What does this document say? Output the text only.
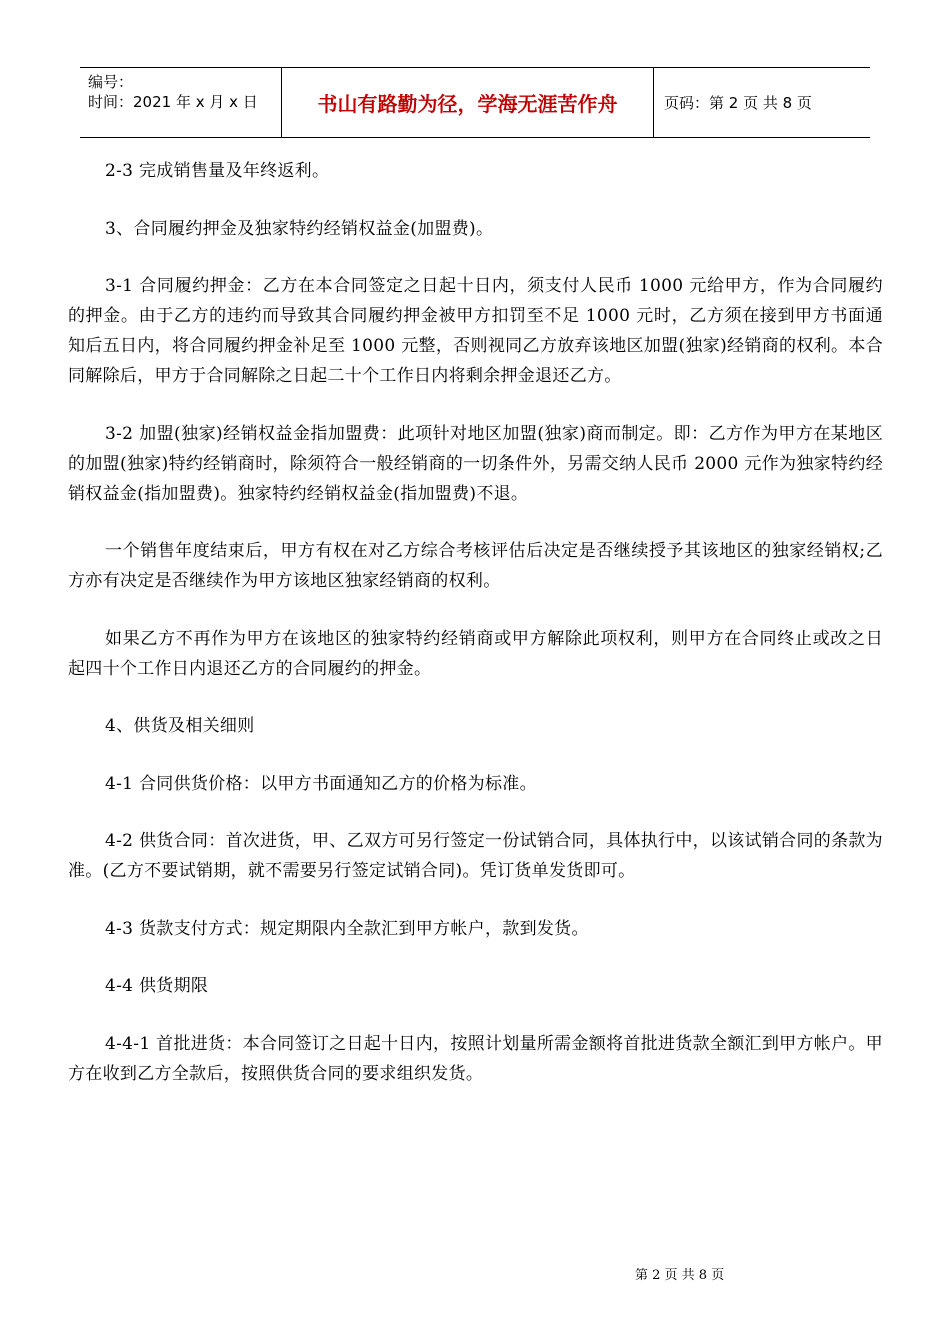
编号：
时间：2021 年 x 月 x 日	书山有路勤为径，学海无涯苦作舟	页码：第 2 页 共 8 页

2-3 完成销售量及年终返利。

3、合同履约押金及独家特约经销权益金(加盟费)。

3-1 合同履约押金：乙方在本合同签定之日起十日内，须支付人民币 1000 元给甲方，作为合同履约的押金。由于乙方的违约而导致其合同履约押金被甲方扣罚至不足 1000 元时，乙方须在接到甲方书面通知后五日内，将合同履约押金补足至 1000 元整，否则视同乙方放弃该地区加盟(独家)经销商的权利。本合同解除后，甲方于合同解除之日起二十个工作日内将剩余押金退还乙方。

3-2 加盟(独家)经销权益金指加盟费：此项针对地区加盟(独家)商而制定。即：乙方作为甲方在某地区的加盟(独家)特约经销商时，除须符合一般经销商的一切条件外，另需交纳人民币 2000 元作为独家特约经销权益金(指加盟费)。独家特约经销权益金(指加盟费)不退。

一个销售年度结束后，甲方有权在对乙方综合考核评估后决定是否继续授予其该地区的独家经销权;乙方亦有决定是否继续作为甲方该地区独家经销商的权利。

如果乙方不再作为甲方在该地区的独家特约经销商或甲方解除此项权利，则甲方在合同终止或改之日起四十个工作日内退还乙方的合同履约的押金。

4、供货及相关细则

4-1 合同供货价格：以甲方书面通知乙方的价格为标准。

4-2 供货合同：首次进货，甲、乙双方可另行签定一份试销合同，具体执行中，以该试销合同的条款为准。(乙方不要试销期，就不需要另行签定试销合同)。凭订货单发货即可。

4-3 货款支付方式：规定期限内全款汇到甲方帐户，款到发货。

4-4 供货期限

4-4-1 首批进货：本合同签订之日起十日内，按照计划量所需金额将首批进货款全额汇到甲方帐户。甲方在收到乙方全款后，按照供货合同的要求组织发货。

第 2 页 共 8 页
